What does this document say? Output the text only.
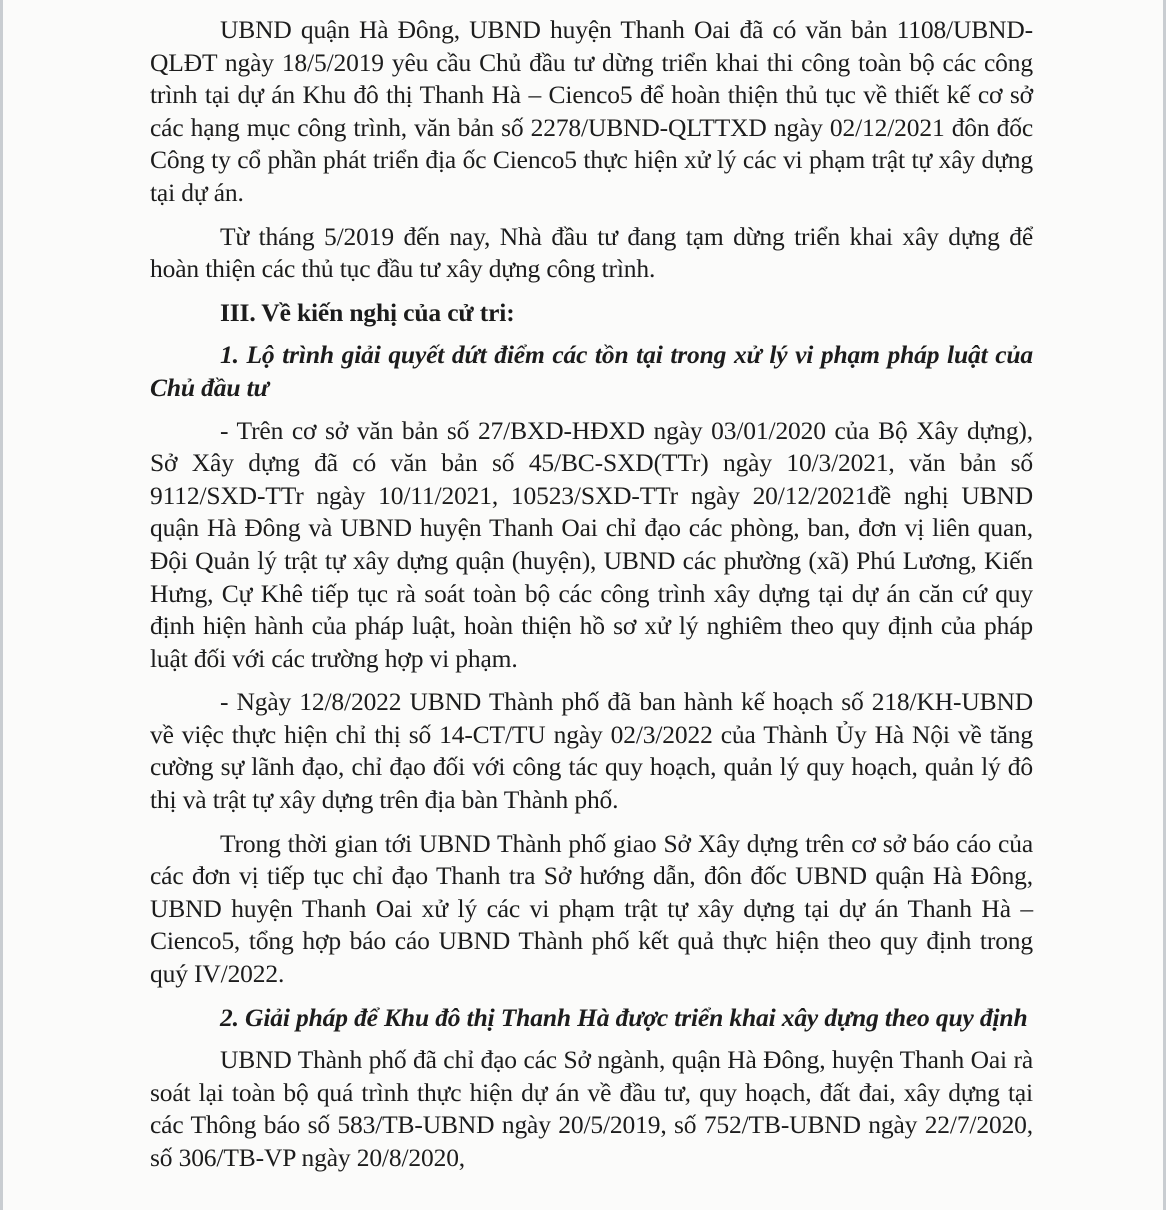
UBND quận Hà Đông, UBND huyện Thanh Oai đã có văn bản 1108/UBND-QLĐT ngày 18/5/2019 yêu cầu Chủ đầu tư dừng triển khai thi công toàn bộ các công trình tại dự án Khu đô thị Thanh Hà – Cienco5 để hoàn thiện thủ tục về thiết kế cơ sở các hạng mục công trình, văn bản số 2278/UBND-QLTTXD ngày 02/12/2021 đôn đốc Công ty cổ phần phát triển địa ốc Cienco5 thực hiện xử lý các vi phạm trật tự xây dựng tại dự án.

Từ tháng 5/2019 đến nay, Nhà đầu tư đang tạm dừng triển khai xây dựng để hoàn thiện các thủ tục đầu tư xây dựng công trình.

III. Về kiến nghị của cử tri:

1. Lộ trình giải quyết dứt điểm các tồn tại trong xử lý vi phạm pháp luật của Chủ đầu tư

- Trên cơ sở văn bản số 27/BXD-HĐXD ngày 03/01/2020 của Bộ Xây dựng), Sở Xây dựng đã có văn bản số 45/BC-SXD(TTr) ngày 10/3/2021, văn bản số 9112/SXD-TTr ngày 10/11/2021, 10523/SXD-TTr ngày 20/12/2021đề nghị UBND quận Hà Đông và UBND huyện Thanh Oai chỉ đạo các phòng, ban, đơn vị liên quan, Đội Quản lý trật tự xây dựng quận (huyện), UBND các phường (xã) Phú Lương, Kiến Hưng, Cự Khê tiếp tục rà soát toàn bộ các công trình xây dựng tại dự án căn cứ quy định hiện hành của pháp luật, hoàn thiện hồ sơ xử lý nghiêm theo quy định của pháp luật đối với các trường hợp vi phạm.

- Ngày 12/8/2022 UBND Thành phố đã ban hành kế hoạch số 218/KH-UBND về việc thực hiện chỉ thị số 14-CT/TU ngày 02/3/2022 của Thành Ủy Hà Nội về tăng cường sự lãnh đạo, chỉ đạo đối với công tác quy hoạch, quản lý quy hoạch, quản lý đô thị và trật tự xây dựng trên địa bàn Thành phố.

Trong thời gian tới UBND Thành phố giao Sở Xây dựng trên cơ sở báo cáo của các đơn vị tiếp tục chỉ đạo Thanh tra Sở hướng dẫn, đôn đốc UBND quận Hà Đông, UBND huyện Thanh Oai xử lý các vi phạm trật tự xây dựng tại dự án Thanh Hà – Cienco5, tổng hợp báo cáo UBND Thành phố kết quả thực hiện theo quy định trong quý IV/2022.

2. Giải pháp để Khu đô thị Thanh Hà được triển khai xây dựng theo quy định

UBND Thành phố đã chỉ đạo các Sở ngành, quận Hà Đông, huyện Thanh Oai rà soát lại toàn bộ quá trình thực hiện dự án về đầu tư, quy hoạch, đất đai, xây dựng tại các Thông báo số 583/TB-UBND ngày 20/5/2019, số 752/TB-UBND ngày 22/7/2020, số 306/TB-VP ngày 20/8/2020,
